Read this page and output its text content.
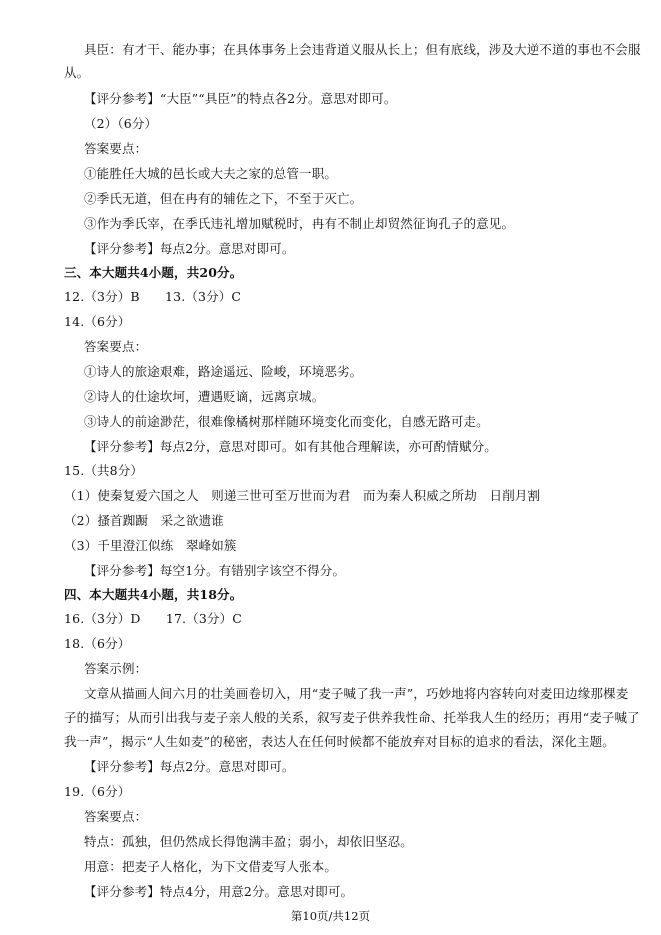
具臣：有才干、能办事；在具体事务上会违背道义服从长上；但有底线，涉及大逆不道的事也不会服
从。
【评分参考】“大臣”“具臣”的特点各2分。意思对即可。
（2）（6分）
答案要点：
①能胜任大城的邑长或大夫之家的总管一职。
②季氏无道，但在冉有的辅佐之下，不至于灭亡。
③作为季氏宰，在季氏违礼增加赋税时，冉有不制止却贸然征询孔子的意见。
【评分参考】每点2分。意思对即可。
三、本大题共4小题，共20分。
12.（3分）B　　13.（3分）C
14.（6分）
答案要点：
①诗人的旅途艰难，路途遥远、险峻，环境恶劣。
②诗人的仕途坎坷，遭遇贬谪，远离京城。
③诗人的前途渺茫，很难像橘树那样随环境变化而变化，自感无路可走。
【评分参考】每点2分，意思对即可。如有其他合理解读，亦可酌情赋分。
15.（共8分）
（1）使秦复爱六国之人　则递三世可至万世而为君　而为秦人积威之所劫　日削月割
（2）搔首踟蹰　采之欲遗谁
（3）千里澄江似练　翠峰如簇
【评分参考】每空1分。有错别字该空不得分。
四、本大题共4小题，共18分。
16.（3分）D　　17.（3分）C
18.（6分）
答案示例：
文章从描画人间六月的壮美画卷切入，用“麦子喊了我一声”，巧妙地将内容转向对麦田边缘那棵麦
子的描写；从而引出我与麦子亲人般的关系，叙写麦子供养我性命、托举我人生的经历；再用“麦子喊了
我一声”，揭示“人生如麦”的秘密，表达人在任何时候都不能放弃对目标的追求的看法，深化主题。
【评分参考】每点2分。意思对即可。
19.（6分）
答案要点：
特点：孤独，但仍然成长得饱满丰盈；弱小，却依旧坚忍。
用意：把麦子人格化，为下文借麦写人张本。
【评分参考】特点4分，用意2分。意思对即可。
第10页/共12页
